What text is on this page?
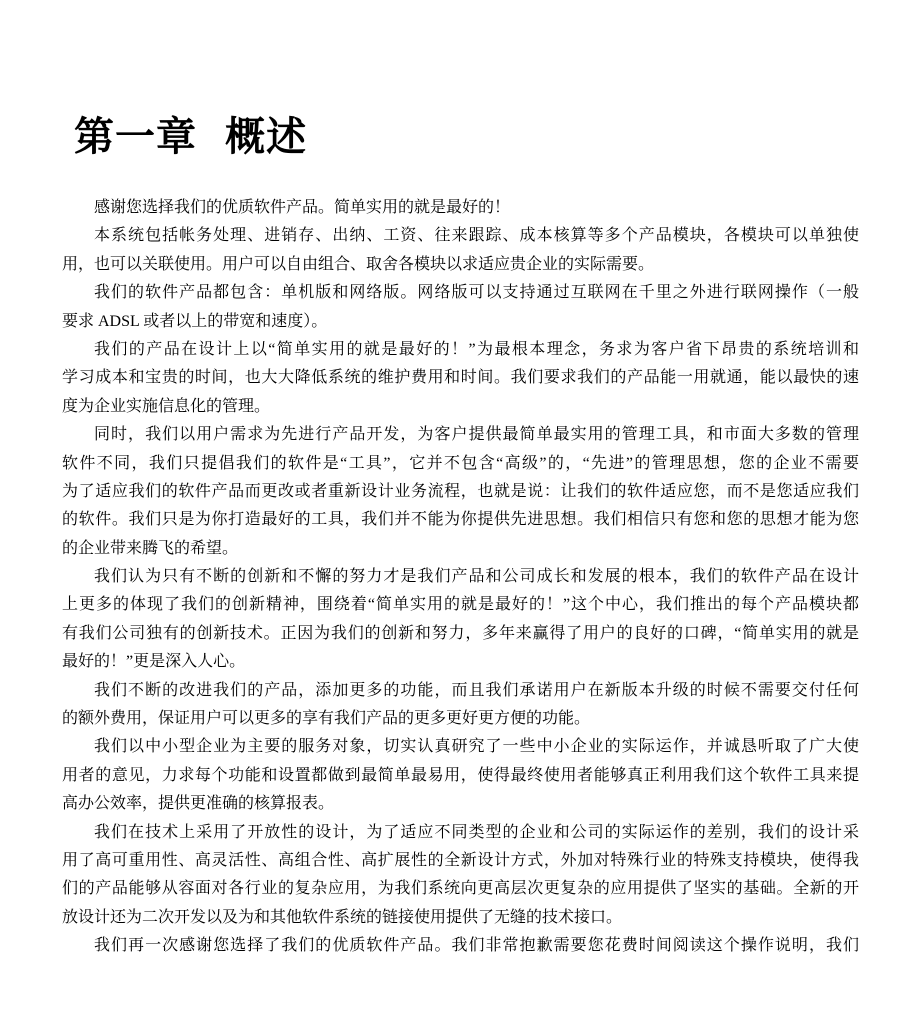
第一章 概述
感谢您选择我们的优质软件产品。简单实用的就是最好的！
本系统包括帐务处理、进销存、出纳、工资、往来跟踪、成本核算等多个产品模块，各模块可以单独使
用，也可以关联使用。用户可以自由组合、取舍各模块以求适应贵企业的实际需要。
我们的软件产品都包含：单机版和网络版。网络版可以支持通过互联网在千里之外进行联网操作（一般
要求 ADSL 或者以上的带宽和速度）。
我们的产品在设计上以“简单实用的就是最好的！”为最根本理念，务求为客户省下昂贵的系统培训和
学习成本和宝贵的时间，也大大降低系统的维护费用和时间。我们要求我们的产品能一用就通，能以最快的速
度为企业实施信息化的管理。
同时，我们以用户需求为先进行产品开发，为客户提供最简单最实用的管理工具，和市面大多数的管理
软件不同，我们只提倡我们的软件是“工具”，它并不包含“高级”的，“先进”的管理思想，您的企业不需要
为了适应我们的软件产品而更改或者重新设计业务流程，也就是说：让我们的软件适应您，而不是您适应我们
的软件。我们只是为你打造最好的工具，我们并不能为你提供先进思想。我们相信只有您和您的思想才能为您
的企业带来腾飞的希望。
我们认为只有不断的创新和不懈的努力才是我们产品和公司成长和发展的根本，我们的软件产品在设计
上更多的体现了我们的创新精神，围绕着“简单实用的就是最好的！”这个中心，我们推出的每个产品模块都
有我们公司独有的创新技术。正因为我们的创新和努力，多年来赢得了用户的良好的口碑，“简单实用的就是
最好的！”更是深入人心。
我们不断的改进我们的产品，添加更多的功能，而且我们承诺用户在新版本升级的时候不需要交付任何
的额外费用，保证用户可以更多的享有我们产品的更多更好更方便的功能。
我们以中小型企业为主要的服务对象，切实认真研究了一些中小企业的实际运作，并诚恳听取了广大使
用者的意见，力求每个功能和设置都做到最简单最易用，使得最终使用者能够真正利用我们这个软件工具来提
高办公效率，提供更准确的核算报表。
我们在技术上采用了开放性的设计，为了适应不同类型的企业和公司的实际运作的差别，我们的设计采
用了高可重用性、高灵活性、高组合性、高扩展性的全新设计方式，外加对特殊行业的特殊支持模块，使得我
们的产品能够从容面对各行业的复杂应用，为我们系统向更高层次更复杂的应用提供了坚实的基础。全新的开
放设计还为二次开发以及为和其他软件系统的链接使用提供了无缝的技术接口。
我们再一次感谢您选择了我们的优质软件产品。我们非常抱歉需要您花费时间阅读这个操作说明，我们
